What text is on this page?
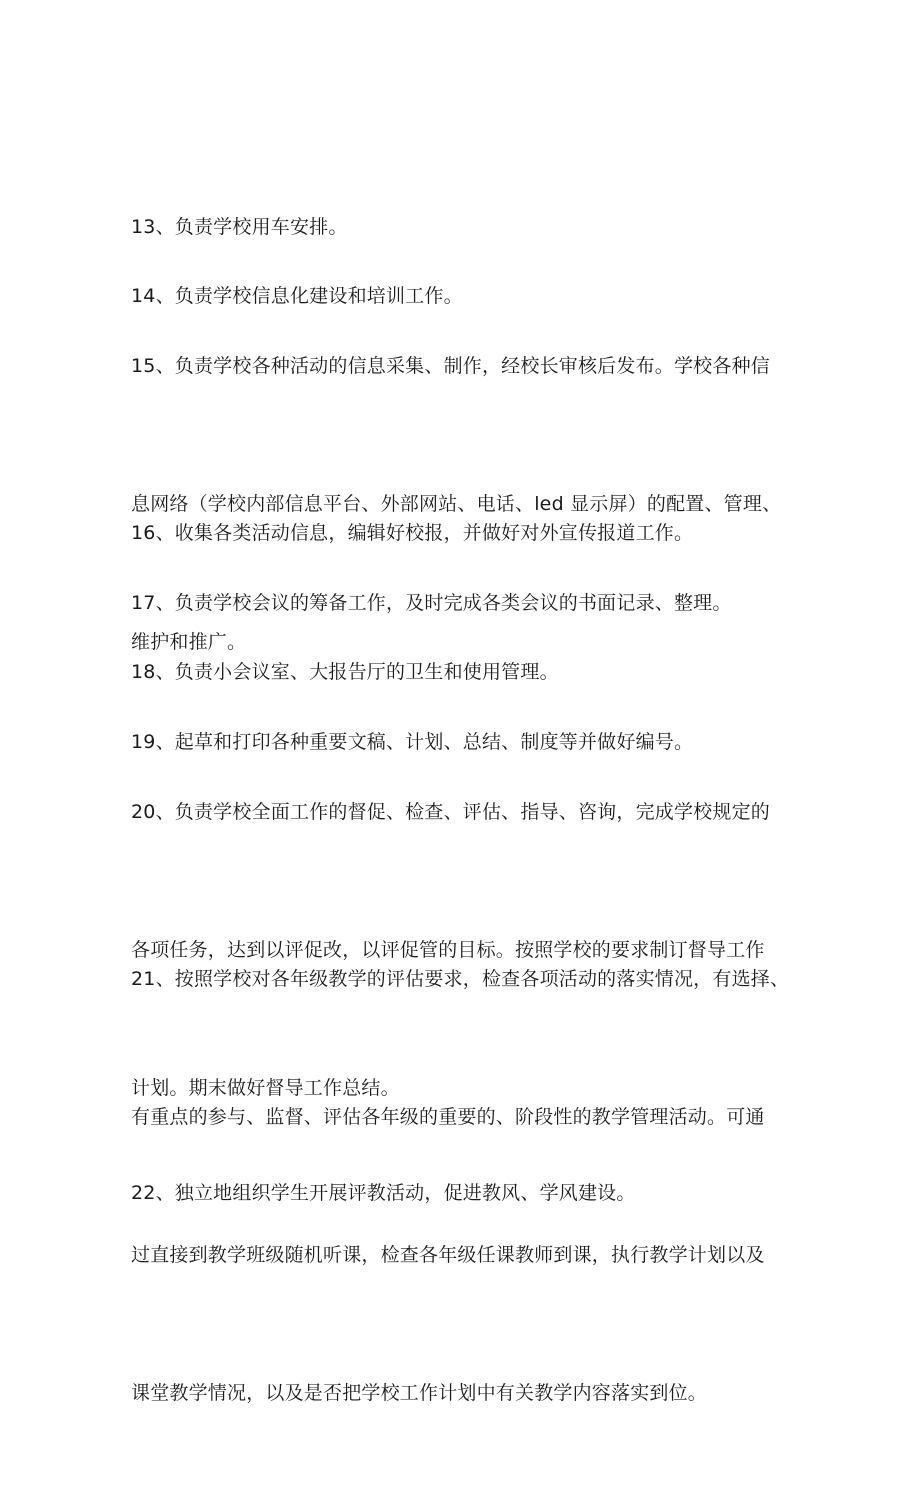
13、负责学校用车安排。

14、负责学校信息化建设和培训工作。

15、负责学校各种活动的信息采集、制作，经校长审核后发布。学校各种信

息网络（学校内部信息平台、外部网站、电话、led 显示屏）的配置、管理、

维护和推广。

16、收集各类活动信息，编辑好校报，并做好对外宣传报道工作。

17、负责学校会议的筹备工作，及时完成各类会议的书面记录、整理。

18、负责小会议室、大报告厅的卫生和使用管理。

19、起草和打印各种重要文稿、计划、总结、制度等并做好编号。

20、负责学校全面工作的督促、检查、评估、指导、咨询，完成学校规定的

各项任务，达到以评促改，以评促管的目标。按照学校的要求制订督导工作

计划。期末做好督导工作总结。

21、按照学校对各年级教学的评估要求，检查各项活动的落实情况，有选择、

有重点的参与、监督、评估各年级的重要的、阶段性的教学管理活动。可通

过直接到教学班级随机听课，检查各年级任课教师到课，执行教学计划以及

课堂教学情况，以及是否把学校工作计划中有关教学内容落实到位。

22、独立地组织学生开展评教活动，促进教风、学风建设。
